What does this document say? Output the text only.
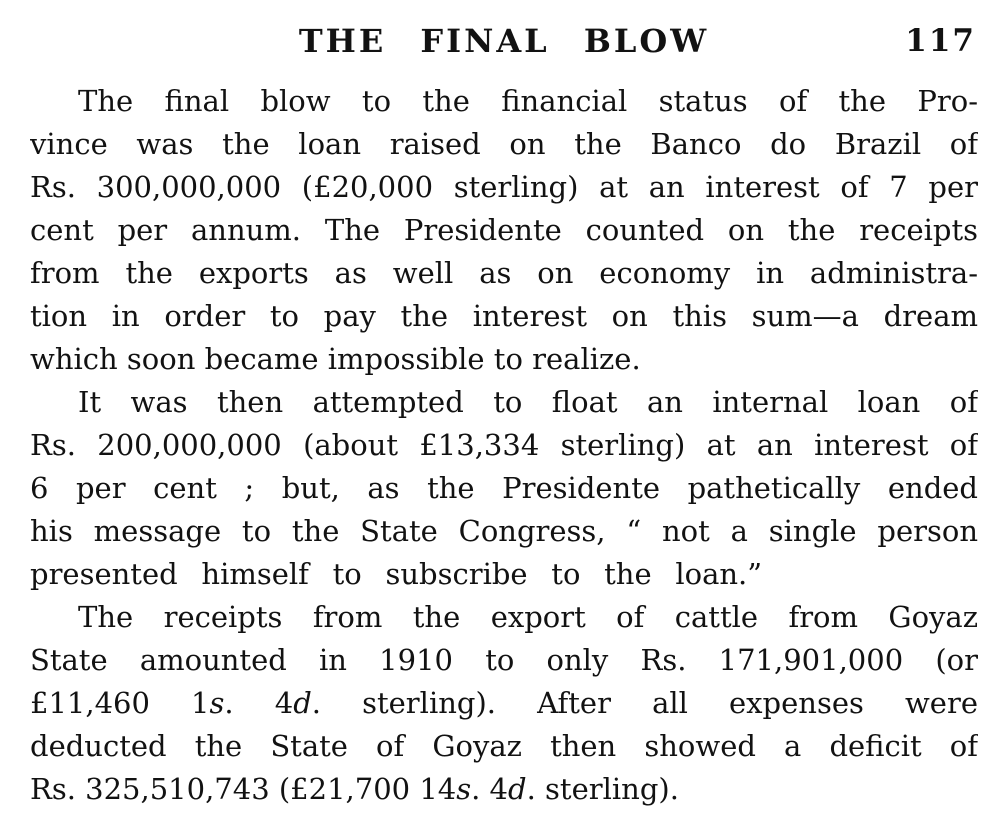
THE FINAL BLOW	117
The final blow to the financial status of the Pro-
vince was the loan raised on the Banco do Brazil of
Rs. 300,000,000 (£20,000 sterling) at an interest of 7 per
cent per annum. The Presidente counted on the receipts
from the exports as well as on economy in administra-
tion in order to pay the interest on this sum—a dream
which soon became impossible to realize.
It was then attempted to float an internal loan of
Rs. 200,000,000 (about £13,334 sterling) at an interest of
6 per cent ; but, as the Presidente pathetically ended
his message to the State Congress, “ not a single person
presented himself to subscribe to the loan.”
The receipts from the export of cattle from Goyaz
State amounted in 1910 to only Rs. 171,901,000 (or
£11,460 1s. 4d. sterling). After all expenses were
deducted the State of Goyaz then showed a deficit of
Rs. 325,510,743 (£21,700 14s. 4d. sterling).
